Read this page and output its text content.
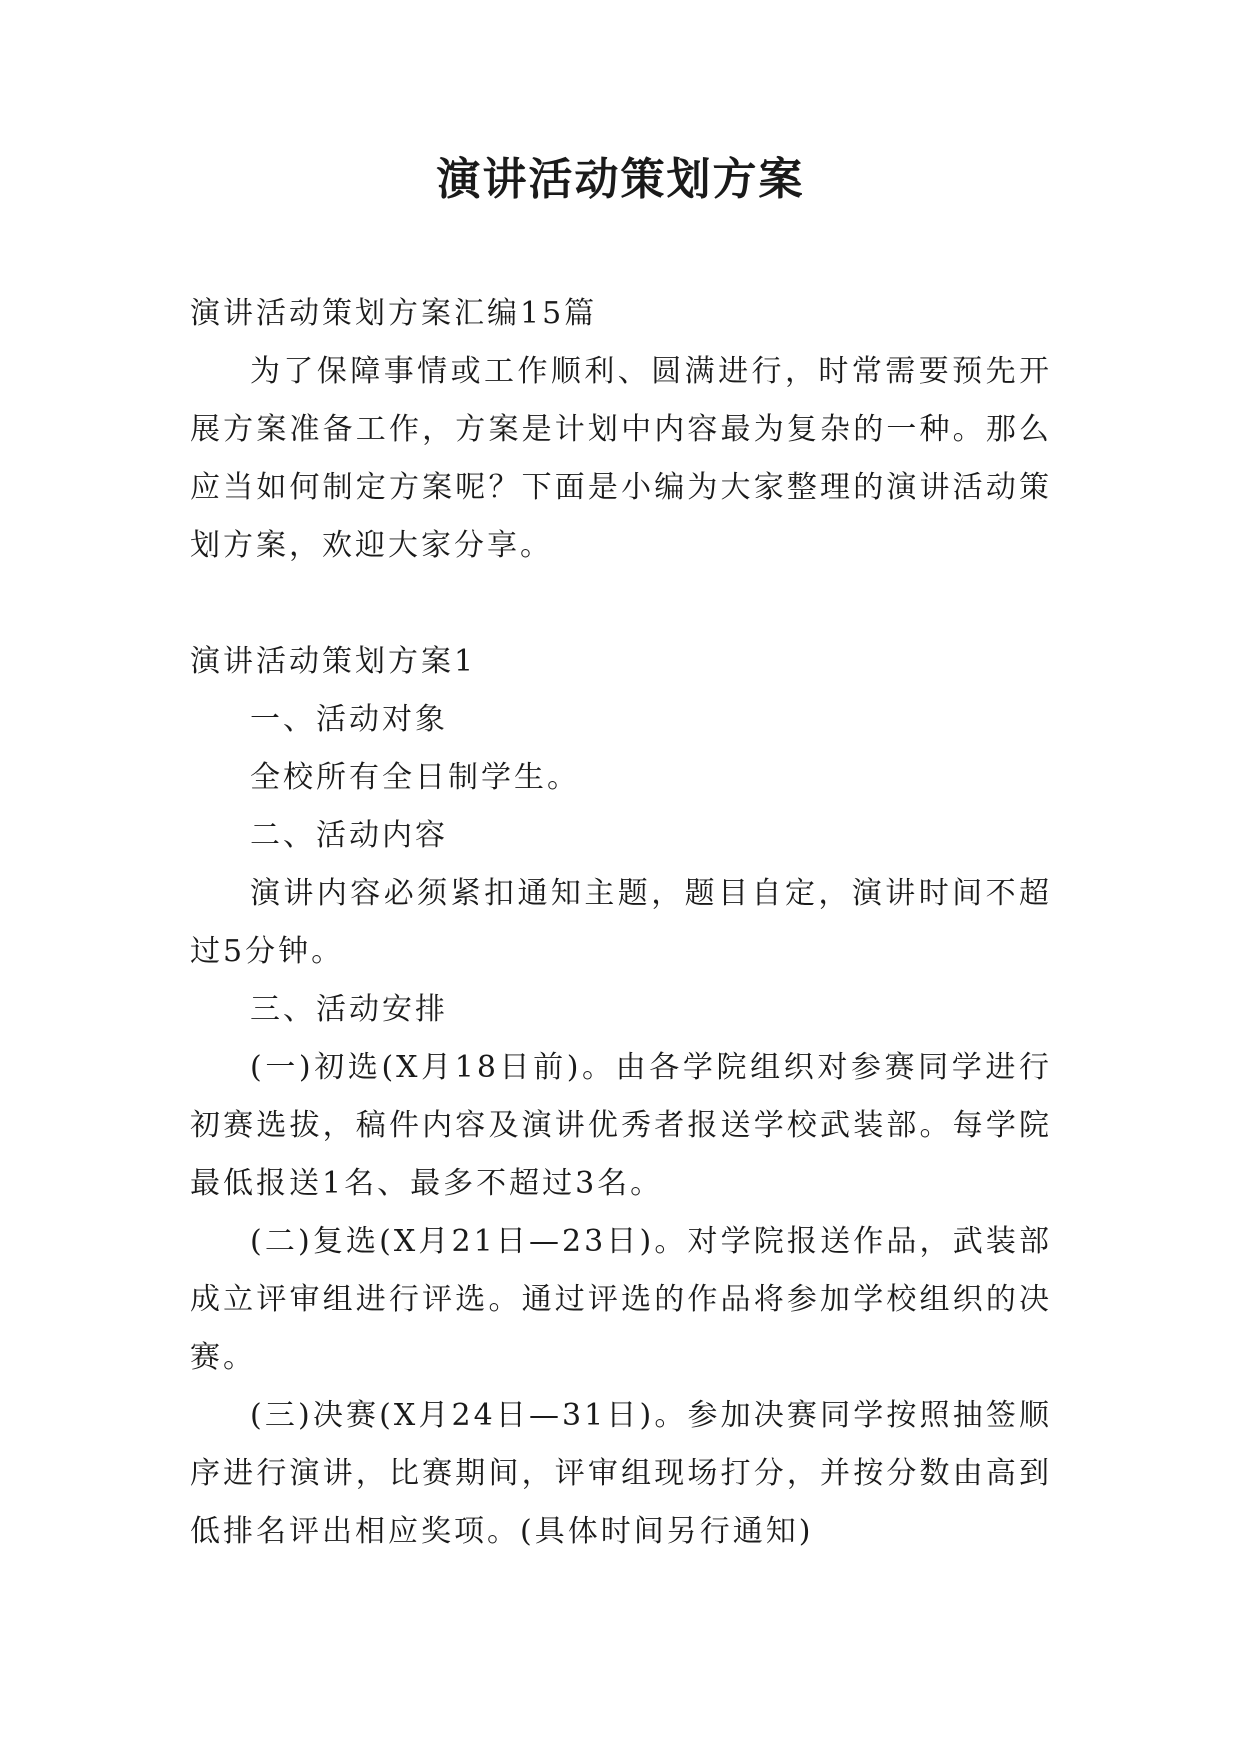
演讲活动策划方案

演讲活动策划方案汇编15篇

为了保障事情或工作顺利、圆满进行，时常需要预先开展方案准备工作，方案是计划中内容最为复杂的一种。那么应当如何制定方案呢？下面是小编为大家整理的演讲活动策划方案，欢迎大家分享。

演讲活动策划方案1

一、活动对象

全校所有全日制学生。

二、活动内容

演讲内容必须紧扣通知主题，题目自定，演讲时间不超过5分钟。

三、活动安排

(一)初选(X月18日前)。由各学院组织对参赛同学进行初赛选拔，稿件内容及演讲优秀者报送学校武装部。每学院最低报送1名、最多不超过3名。

(二)复选(X月21日—23日)。对学院报送作品，武装部成立评审组进行评选。通过评选的作品将参加学校组织的决赛。

(三)决赛(X月24日—31日)。参加决赛同学按照抽签顺序进行演讲，比赛期间，评审组现场打分，并按分数由高到低排名评出相应奖项。(具体时间另行通知)
